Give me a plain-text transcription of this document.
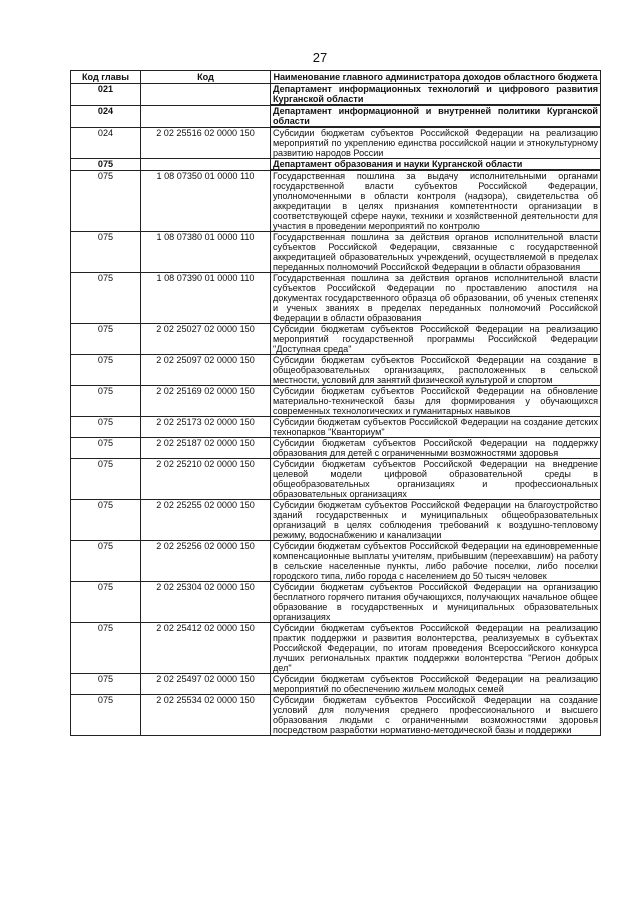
27
Код главы	Код	Наименование главного администратора доходов областного бюджета
021		Департамент информационных технологий и цифрового развития Курганской области
024		Департамент информационной и внутренней политики Курганской области
024	2 02 25516 02 0000 150	Субсидии бюджетам субъектов Российской Федерации на реализацию мероприятий по укреплению единства российской нации и этнокультурному развитию народов России
075		Департамент образования и науки Курганской области
075	1 08 07350 01 0000 110	Государственная пошлина за выдачу исполнительными органами государственной власти субъектов Российской Федерации, уполномоченными в области контроля (надзора), свидетельства об аккредитации в целях признания компетентности организации в соответствующей сфере науки, техники и хозяйственной деятельности для участия в проведении мероприятий по контролю
075	1 08 07380 01 0000 110	Государственная пошлина за действия органов исполнительной власти субъектов Российской Федерации, связанные с государственной аккредитацией образовательных учреждений, осуществляемой в пределах переданных полномочий Российской Федерации в области образования
075	1 08 07390 01 0000 110	Государственная пошлина за действия органов исполнительной власти субъектов Российской Федерации по проставлению апостиля на документах государственного образца об образовании, об ученых степенях и ученых званиях в пределах переданных полномочий Российской Федерации в области образования
075	2 02 25027 02 0000 150	Субсидии бюджетам субъектов Российской Федерации на реализацию мероприятий государственной программы Российской Федерации "Доступная среда"
075	2 02 25097 02 0000 150	Субсидии бюджетам субъектов Российской Федерации на создание в общеобразовательных организациях, расположенных в сельской местности, условий для занятий физической культурой и спортом
075	2 02 25169 02 0000 150	Субсидии бюджетам субъектов Российской Федерации на обновление материально-технической базы для формирования у обучающихся современных технологических и гуманитарных навыков
075	2 02 25173 02 0000 150	Субсидии бюджетам субъектов Российской Федерации на создание детских технопарков "Кванториум"
075	2 02 25187 02 0000 150	Субсидии бюджетам субъектов Российской Федерации на поддержку образования для детей с ограниченными возможностями здоровья
075	2 02 25210 02 0000 150	Субсидии бюджетам субъектов Российской Федерации на внедрение целевой модели цифровой образовательной среды в общеобразовательных организациях и профессиональных образовательных организациях
075	2 02 25255 02 0000 150	Субсидии бюджетам субъектов Российской Федерации на благоустройство зданий государственных и муниципальных общеобразовательных организаций в целях соблюдения требований к воздушно-тепловому режиму, водоснабжению и канализации
075	2 02 25256 02 0000 150	Субсидии бюджетам субъектов Российской Федерации на единовременные компенсационные выплаты учителям, прибывшим (переехавшим) на работу в сельские населенные пункты, либо рабочие поселки, либо поселки городского типа, либо города с населением до 50 тысяч человек
075	2 02 25304 02 0000 150	Субсидии бюджетам субъектов Российской Федерации на организацию бесплатного горячего питания обучающихся, получающих начальное общее образование в государственных и муниципальных образовательных организациях
075	2 02 25412 02 0000 150	Субсидии бюджетам субъектов Российской Федерации на реализацию практик поддержки и развития волонтерства, реализуемых в субъектах Российской Федерации, по итогам проведения Всероссийского конкурса лучших региональных практик поддержки волонтерства "Регион добрых дел"
075	2 02 25497 02 0000 150	Субсидии бюджетам субъектов Российской Федерации на реализацию мероприятий по обеспечению жильем молодых семей
075	2 02 25534 02 0000 150	Субсидии бюджетам субъектов Российской Федерации на создание условий для получения среднего профессионального и высшего образования людьми с ограниченными возможностями здоровья посредством разработки нормативно-методической базы и поддержки
